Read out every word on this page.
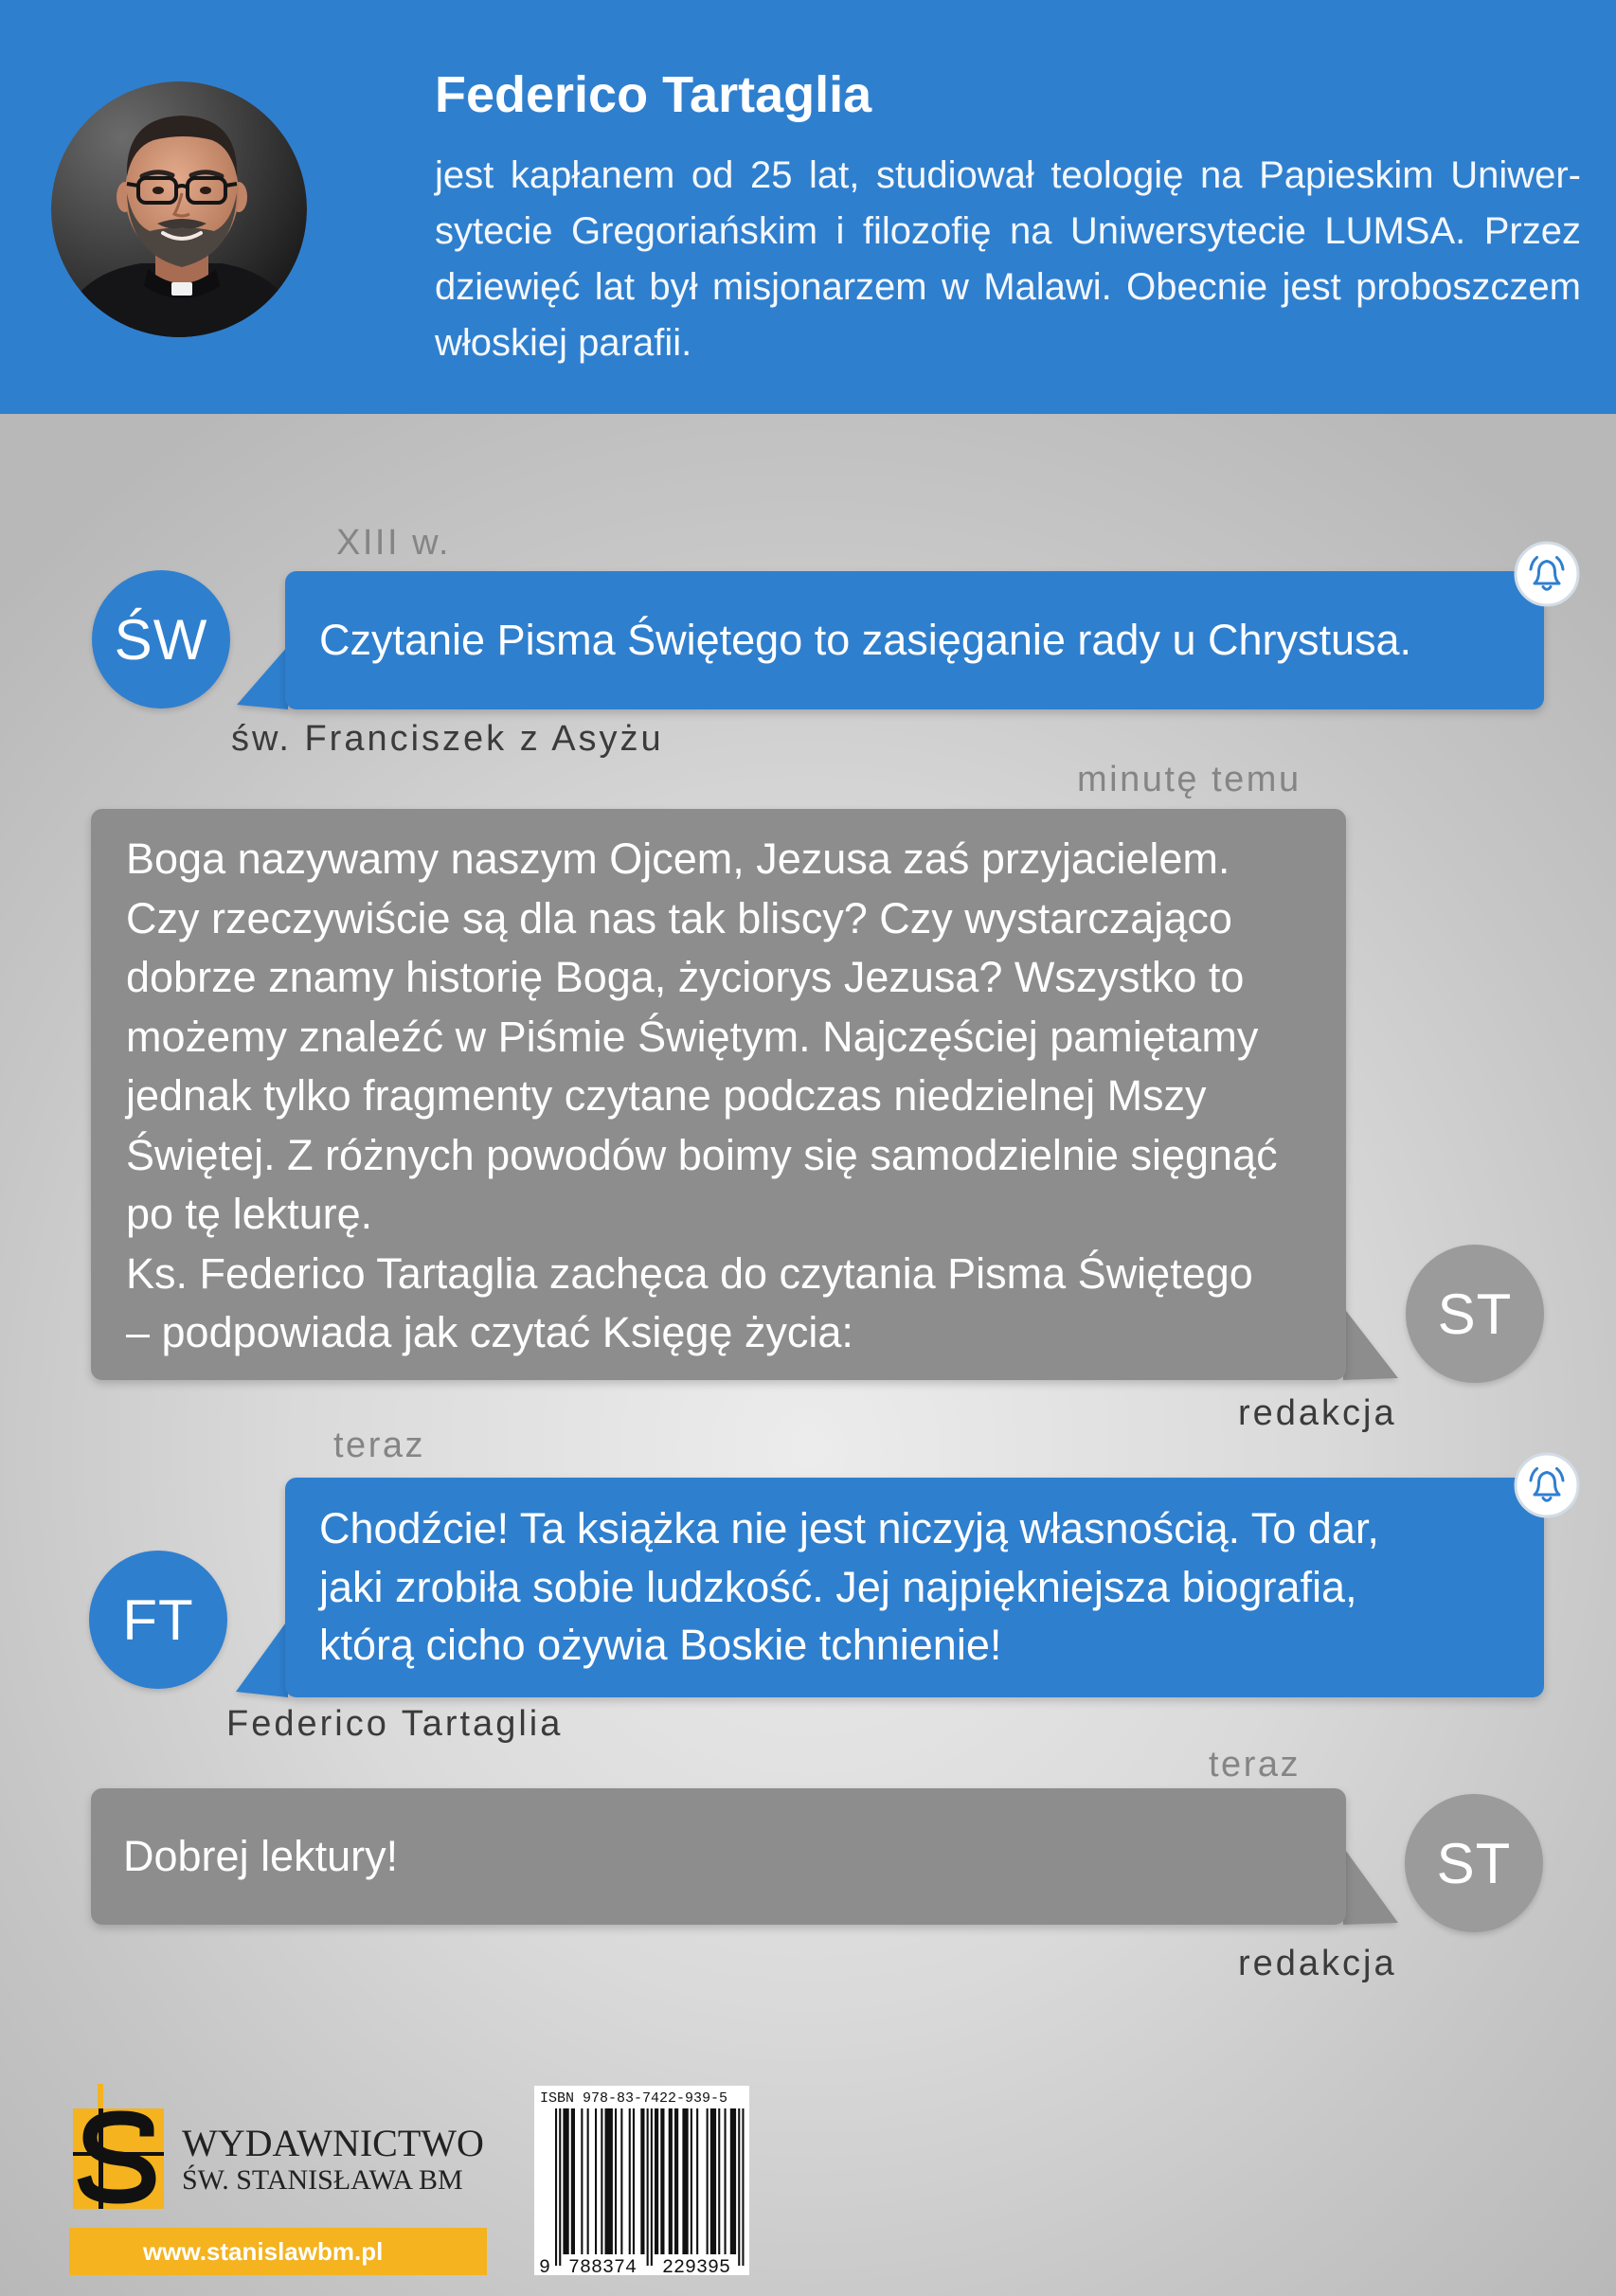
Federico Tartaglia
jest kapłanem od 25 lat, studiował teologię na Papieskim Uniwer-
sytecie Gregoriańskim i filozofię na Uniwersytecie LUMSA. Przez
dziewięć lat był misjonarzem w Malawi. Obecnie jest proboszczem
włoskiej parafii.
XIII w.
Czytanie Pisma Świętego to zasięganie rady u Chrystusa.
ŚW
św. Franciszek z Asyżu
minutę temu
Boga nazywamy naszym Ojcem, Jezusa zaś przyjacielem.
Czy rzeczywiście są dla nas tak bliscy? Czy wystarczająco
dobrze znamy historię Boga, życiorys Jezusa? Wszystko to
możemy znaleźć w Piśmie Świętym. Najczęściej pamiętamy
jednak tylko fragmenty czytane podczas niedzielnej Mszy
Świętej. Z różnych powodów boimy się samodzielnie sięgnąć
po tę lekturę.
Ks. Federico Tartaglia zachęca do czytania Pisma Świętego
– podpowiada jak czytać Księgę życia:	ST
redakcja
teraz
Chodźcie! Ta książka nie jest niczyją własnością. To dar,
jaki zrobiła sobie ludzkość. Jej najpiękniejsza biografia,
którą cicho ożywia Boskie tchnienie!
FT
Federico Tartaglia
teraz
Dobrej lektury!	ST
redakcja
WYDAWNICTWO
ŚW. STANISŁAWA BM
www.stanislawbm.pl
ISBN 978-83-7422-939-5
9 788374 229395
